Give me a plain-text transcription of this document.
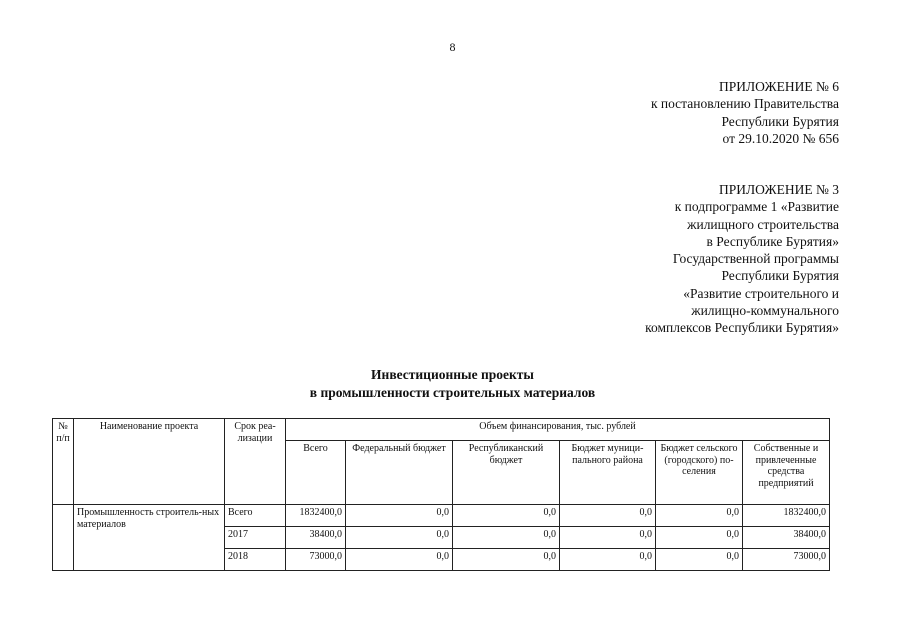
8
ПРИЛОЖЕНИЕ № 6
к постановлению Правительства
Республики Бурятия
от 29.10.2020 № 656
ПРИЛОЖЕНИЕ № 3
к подпрограмме 1 «Развитие
жилищного строительства
в Республике Бурятия»
Государственной программы
Республики Бурятия
«Развитие строительного и
жилищно-коммунального
комплексов Республики Бурятия»
Инвестиционные проекты
в промышленности строительных материалов
№ п/п	Наименование проекта	Срок реа-лизации	Объем финансирования, тыс. рублей					
			Всего	Федеральный бюджет	Республиканский бюджет	Бюджет муници-пального района	Бюджет сельского (городского) по-селения	Собственные и привлеченные средства предприятий
	Промышленность строитель-ных материалов	Всего	1832400,0	0,0	0,0	0,0	0,0	1832400,0
		2017	38400,0	0,0	0,0	0,0	0,0	38400,0
		2018	73000,0	0,0	0,0	0,0	0,0	73000,0
